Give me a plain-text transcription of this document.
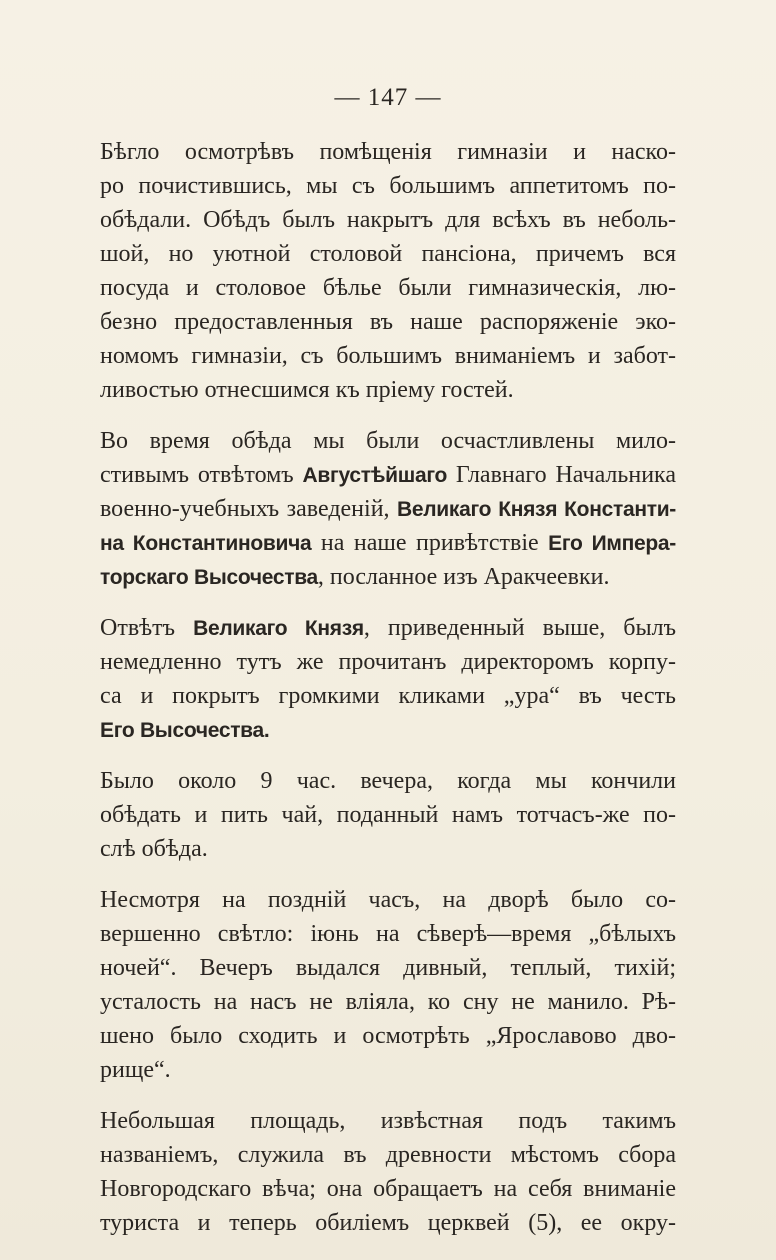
— 147 —
Бѣгло осмотрѣвъ помѣщенія гимназіи и наско-
ро почистившись, мы съ большимъ аппетитомъ по-
обѣдали. Обѣдъ былъ накрытъ для всѣхъ въ неболь-
шой, но уютной столовой пансіона, причемъ вся
посуда и столовое бѣлье были гимназическія, лю-
безно предоставленныя въ наше распоряженіе эко-
номомъ гимназіи, съ большимъ вниманіемъ и забот-
ливостью отнесшимся къ пріему гостей.
Во время обѣда мы были осчастливлены мило-
стивымъ отвѣтомъ Августѣйшаго Главнаго Начальника
военно-учебныхъ заведеній, Великаго Князя Константи-
на Константиновича на наше привѣтствіе Его Импера-
торскаго Высочества, посланное изъ Аракчеевки.
Отвѣтъ Великаго Князя, приведенный выше, былъ
немедленно тутъ же прочитанъ директоромъ корпу-
са и покрытъ громкими кликами „ура“ въ честь
Его Высочества.
Было около 9 час. вечера, когда мы кончили
обѣдать и пить чай, поданный намъ тотчасъ-же по-
слѣ обѣда.
Несмотря на поздній часъ, на дворѣ было со-
вершенно свѣтло: іюнь на сѣверѣ—время „бѣлыхъ
ночей“. Вечеръ выдался дивный, теплый, тихій;
усталость на насъ не вліяла, ко сну не манило. Рѣ-
шено было сходить и осмотрѣть „Ярославово дво-
рище“.
Небольшая площадь, извѣстная подъ такимъ
названіемъ, служила въ древности мѣстомъ сбора
Новгородскаго вѣча; она обращаетъ на себя вниманіе
туриста и теперь обиліемъ церквей (5), ее окру-
